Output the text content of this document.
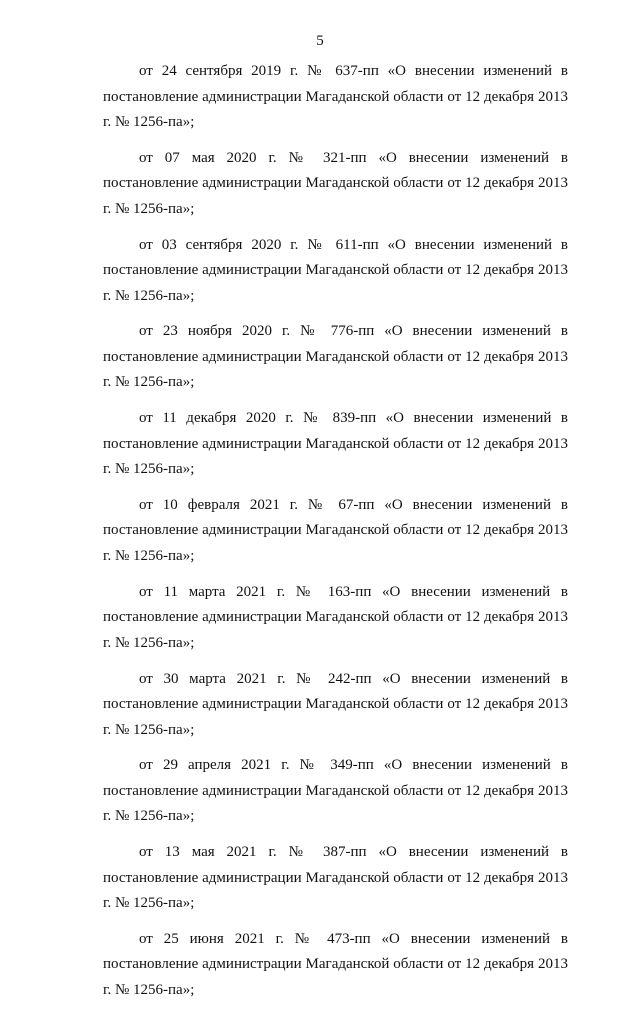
5

от 24 сентября 2019 г. № 637-пп «О внесении изменений в постановление администрации Магаданской области от 12 декабря 2013 г. № 1256-па»;

от 07 мая 2020 г. № 321-пп «О внесении изменений в постановление администрации Магаданской области от 12 декабря 2013 г. № 1256-па»;

от 03 сентября 2020 г. № 611-пп «О внесении изменений в постановление администрации Магаданской области от 12 декабря 2013 г. № 1256-па»;

от 23 ноября 2020 г. № 776-пп «О внесении изменений в постановление администрации Магаданской области от 12 декабря 2013 г. № 1256-па»;

от 11 декабря 2020 г. № 839-пп «О внесении изменений в постановление администрации Магаданской области от 12 декабря 2013 г. № 1256-па»;

от 10 февраля 2021 г. № 67-пп «О внесении изменений в постановление администрации Магаданской области от 12 декабря 2013 г. № 1256-па»;

от 11 марта 2021 г. № 163-пп «О внесении изменений в постановление администрации Магаданской области от 12 декабря 2013 г. № 1256-па»;

от 30 марта 2021 г. № 242-пп «О внесении изменений в постановление администрации Магаданской области от 12 декабря 2013 г. № 1256-па»;

от 29 апреля 2021 г. № 349-пп «О внесении изменений в постановление администрации Магаданской области от 12 декабря 2013 г. № 1256-па»;

от 13 мая 2021 г. № 387-пп «О внесении изменений в постановление администрации Магаданской области от 12 декабря 2013 г. № 1256-па»;

от 25 июня 2021 г. № 473-пп «О внесении изменений в постановление администрации Магаданской области от 12 декабря 2013 г. № 1256-па»;
